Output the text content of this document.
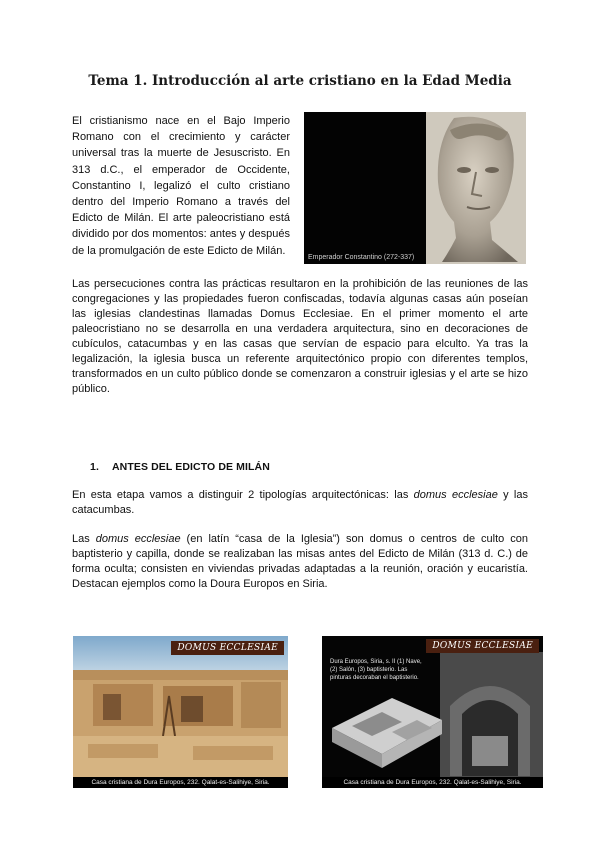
Tema 1. Introducción al arte cristiano en la Edad Media

El cristianismo nace en el Bajo Imperio Romano con el crecimiento y carácter universal tras la muerte de Jesuscristo. En 313 d.C., el emperador de Occidente, Constantino I, legalizó el culto cristiano dentro del Imperio Romano a través del Edicto de Milán. El arte paleocristiano está dividido por dos momentos: antes y después de la promulgación de este Edicto de Milán.

Emperador Constantino (272-337)

Las persecuciones contra las prácticas resultaron en la prohibición de las reuniones de las congregaciones y las propiedades fueron confiscadas, todavía algunas casas aún poseían las iglesias clandestinas llamadas Domus Ecclesiae. En el primer momento el arte paleocristiano no se desarrolla en una verdadera arquitectura, sino en decoraciones de cubículos, catacumbas y en las casas que servían de espacio para elculto. Ya tras la legalización, la iglesia busca un referente arquitectónico propio con diferentes templos, transformados en un culto público donde se comenzaron a construir iglesias y el arte se hizo público.

1. ANTES DEL EDICTO DE MILÁN

En esta etapa vamos a distinguir 2 tipologías arquitectónicas: las domus ecclesiae y las catacumbas.

Las domus ecclesiae (en latín “casa de la Iglesia”) son domus o centros de culto con baptisterio y capilla, donde se realizaban las misas antes del Edicto de Milán (313 d. C.) de forma oculta; consisten en viviendas privadas adaptadas a la reunión, oración y eucaristía. Destacan ejemplos como la Doura Europos en Siria.

DOMUS ECCLESIAE
Casa cristiana de Dura Europos, 232. Qalat-es-Salihiye, Siria.
DOMUS ECCLESIAE
Dura Europos, Siria, s. II (1) Nave, (2) Salón, (3) baptisterio. Las pinturas decoraban el baptisterio.
Casa cristiana de Dura Europos, 232. Qalat-es-Salihiye, Siria.
